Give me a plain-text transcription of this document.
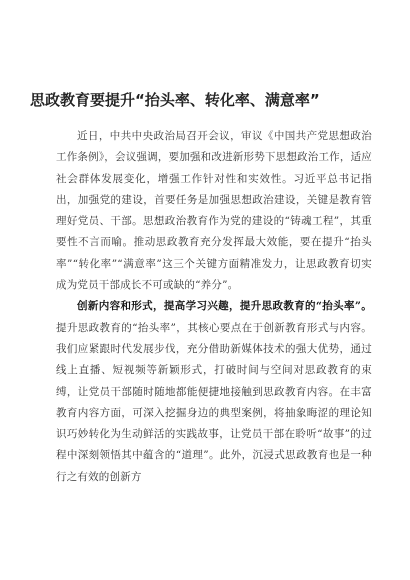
思政教育要提升“抬头率、转化率、满意率”

近日，中共中央政治局召开会议，审议《中国共产党思想政治工作条例》，会议强调，要加强和改进新形势下思想政治工作，适应社会群体发展变化，增强工作针对性和实效性。习近平总书记指出，加强党的建设，首要任务是加强思想政治建设，关键是教育管理好党员、干部。思想政治教育作为党的建设的“铸魂工程”，其重要性不言而喻。推动思政教育充分发挥最大效能，要在提升“抬头率”“转化率”“满意率”这三个关键方面精准发力，让思政教育切实成为党员干部成长不可或缺的“养分”。

创新内容和形式，提高学习兴趣，提升思政教育的“抬头率”。提升思政教育的“抬头率”，其核心要点在于创新教育形式与内容。我们应紧跟时代发展步伐，充分借助新媒体技术的强大优势，通过线上直播、短视频等新颖形式，打破时间与空间对思政教育的束缚，让党员干部随时随地都能便捷地接触到思政教育内容。在丰富教育内容方面，可深入挖掘身边的典型案例，将抽象晦涩的理论知识巧妙转化为生动鲜活的实践故事，让党员干部在聆听“故事”的过程中深刻领悟其中蕴含的“道理”。此外，沉浸式思政教育也是一种行之有效的创新方
